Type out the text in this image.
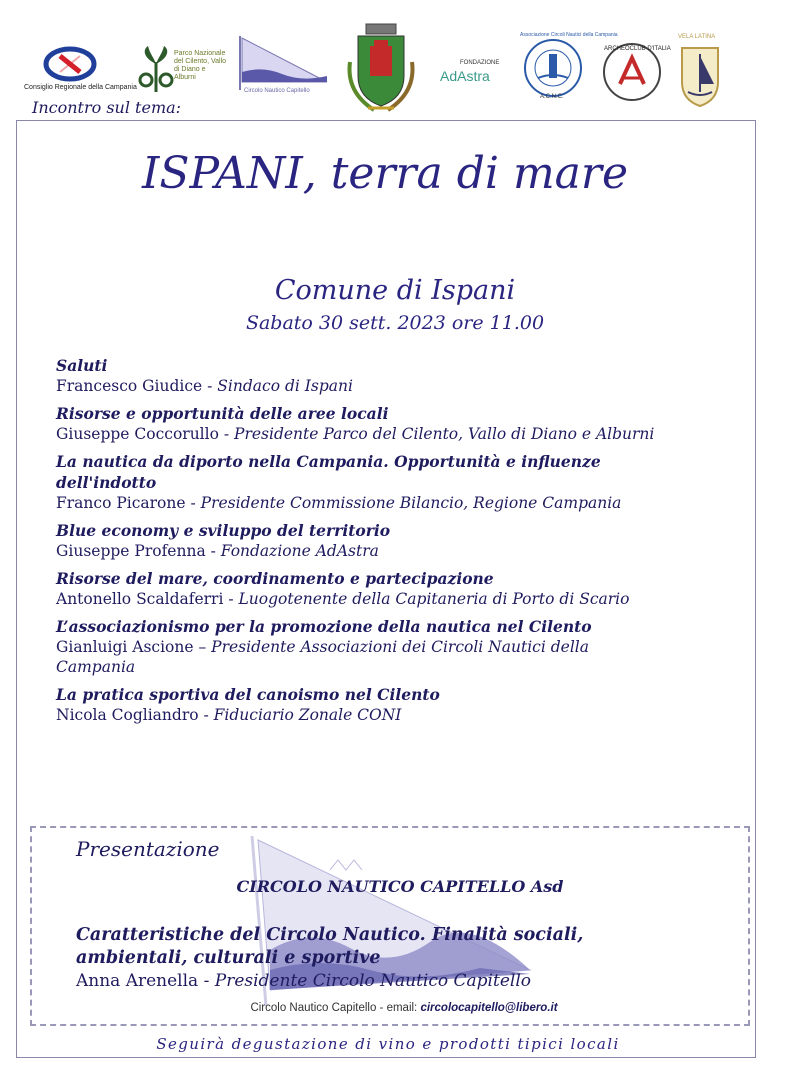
Consiglio Regionale della Campania
Parco Nazionale del Cilento, Vallo di Diano e Alburni
Circolo Nautico Capitello
FONDAZIONE
AdAstra
Associazione Circoli Nautici della Campania
A.C.N.C.
ARCHEOCLUB D'ITALIA
VELA LATINA
Incontro sul tema:
ISPANI, terra di mare
Comune di Ispani
Sabato 30 sett. 2023 ore 11.00
Saluti
Francesco Giudice - Sindaco di Ispani
Risorse e opportunità delle aree locali
Giuseppe Coccorullo - Presidente Parco del Cilento, Vallo di Diano e Alburni
La nautica da diporto nella Campania. Opportunità e influenze dell'indotto
Franco Picarone - Presidente Commissione Bilancio, Regione Campania
Blue economy e sviluppo del territorio
Giuseppe Profenna - Fondazione AdAstra
Risorse del mare, coordinamento e partecipazione
Antonello Scaldaferri - Luogotenente della Capitaneria di Porto di Scario
L’associazionismo per la promozione della nautica nel Cilento
Gianluigi Ascione – Presidente Associazioni dei Circoli Nautici della Campania
La pratica sportiva del canoismo nel Cilento
Nicola Cogliandro - Fiduciario Zonale CONI
Presentazione
CIRCOLO NAUTICO CAPITELLO Asd
Caratteristiche del Circolo Nautico. Finalità sociali, ambientali, culturali e sportive
Anna Arenella - Presidente Circolo Nautico Capitello
Circolo Nautico Capitello - email: circolocapitello@libero.it
Seguirà degustazione di vino e prodotti tipici locali
